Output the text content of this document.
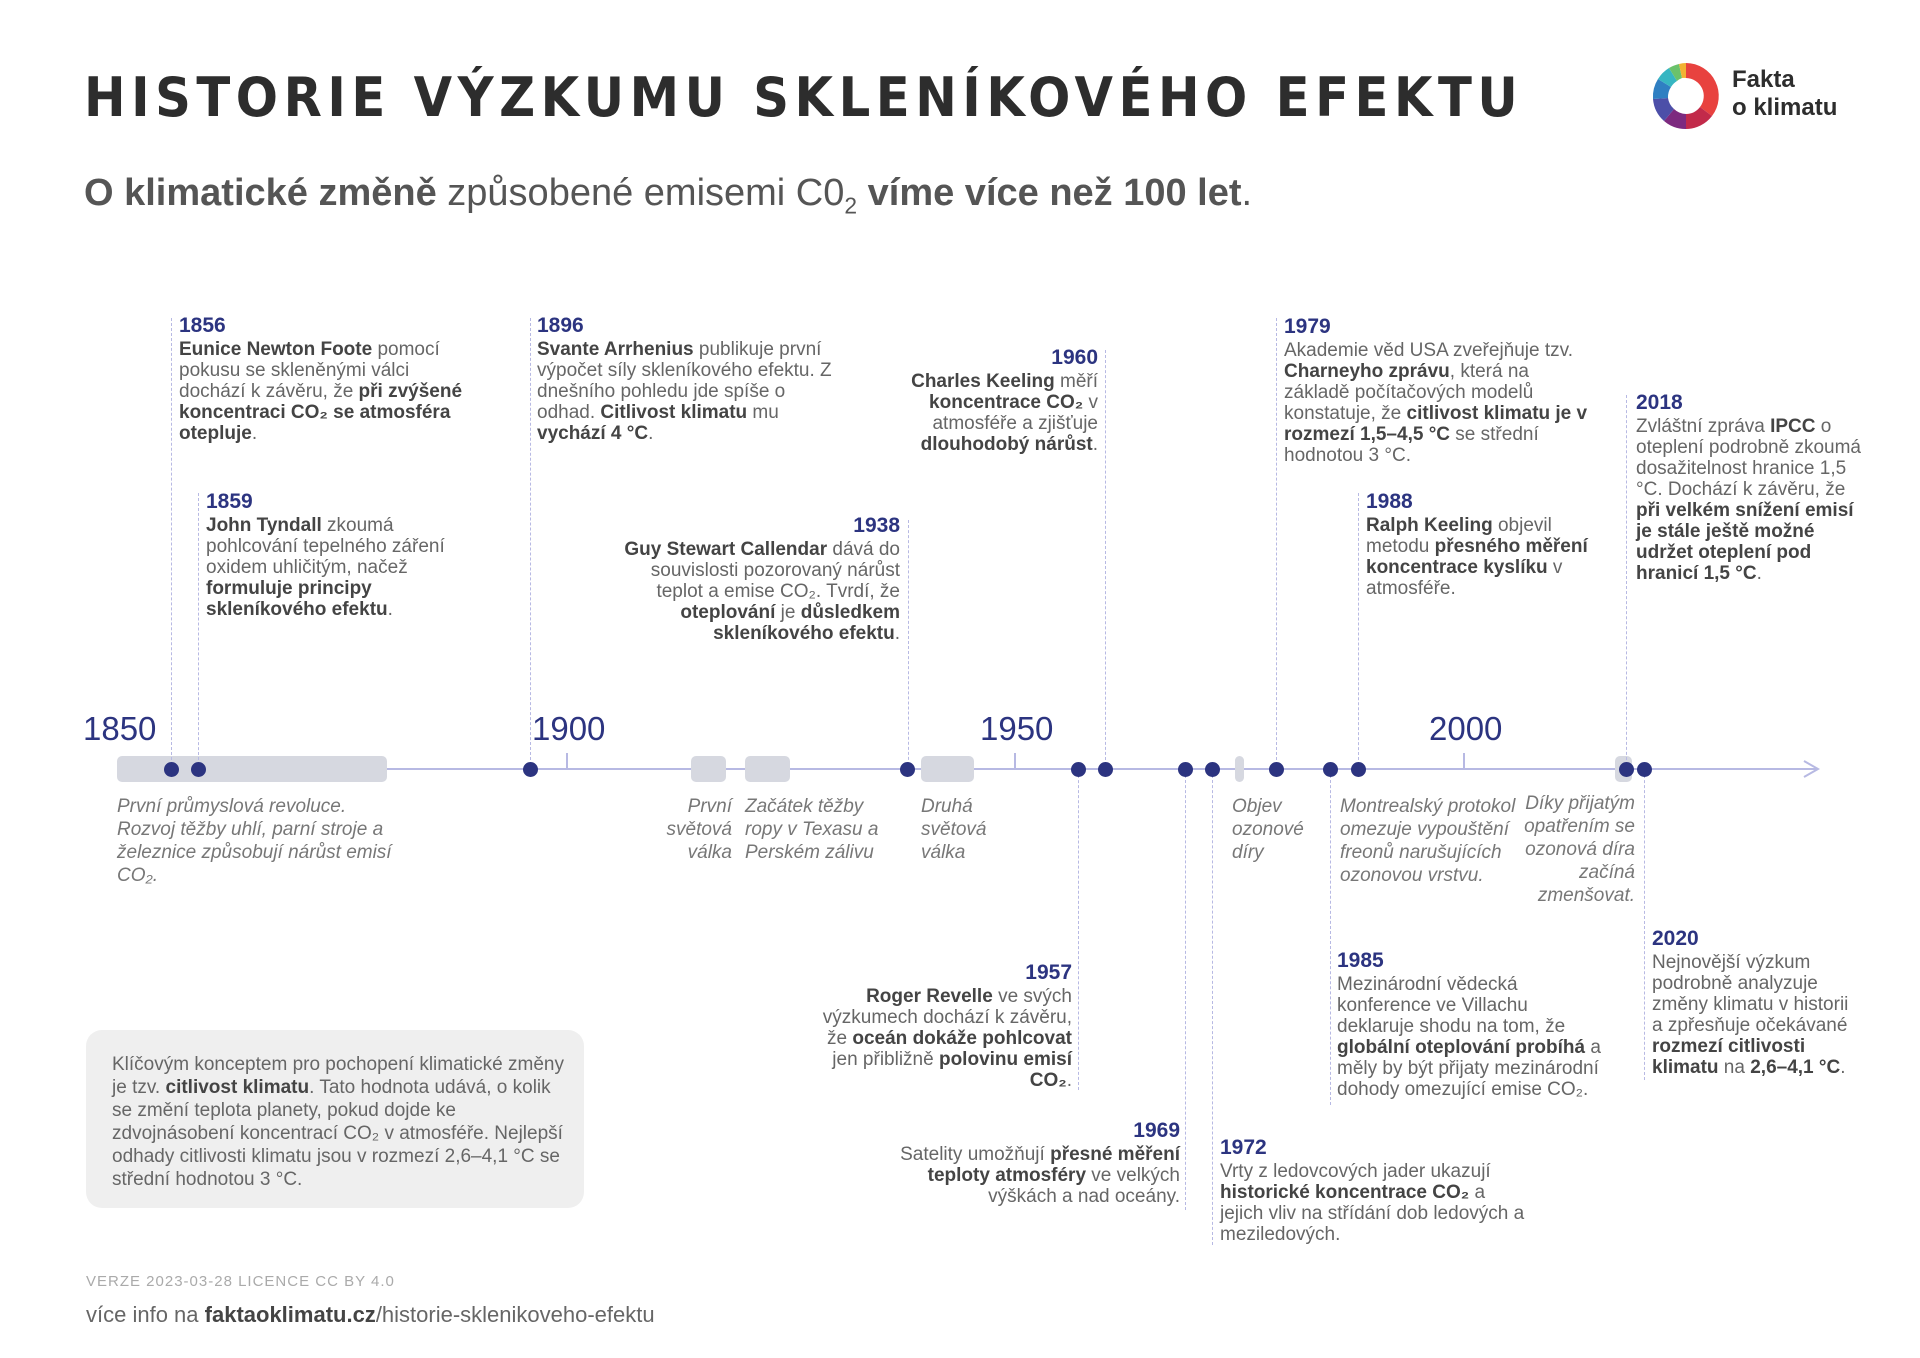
HISTORIE VÝZKUMU SKLENÍKOVÉHO EFEKTU
O klimatické změně způsobené emisemi $C0_2$ víme více než 100 let.
Fakta
o klimatu
1850	1900	1950	2000
1856
Eunice Newton Foote pomocí pokusu se skleněnými válci dochází k závěru, že při zvýšené koncentraci CO₂ se atmosféra otepluje.
1859
John Tyndall zkoumá pohlcování tepelného záření oxidem uhličitým, načež formuluje principy skleníkového efektu.
1896
Svante Arrhenius publikuje první výpočet síly skleníkového efektu. Z dnešního pohledu jde spíše o odhad. Citlivost klimatu mu vychází 4 °C.
1938
Guy Stewart Callendar dává do souvislosti pozorovaný nárůst teplot a emise CO₂. Tvrdí, že oteplování je důsledkem skleníkového efektu.
1960
Charles Keeling měří koncentrace CO₂ v atmosféře a zjišťuje dlouhodobý nárůst.
1979
Akademie věd USA zveřejňuje tzv. Charneyho zprávu, která na základě počítačových modelů konstatuje, že citlivost klimatu je v rozmezí 1,5–4,5 °C se střední hodnotou 3 °C.
1988
Ralph Keeling objevil metodu přesného měření koncentrace kyslíku v atmosféře.
2018
Zvláštní zpráva IPCC o oteplení podrobně zkoumá dosažitelnost hranice 1,5 °C. Dochází k závěru, že při velkém snížení emisí je stále ještě možné udržet oteplení pod hranicí 1,5 °C.
1957
Roger Revelle ve svých výzkumech dochází k závěru, že oceán dokáže pohlcovat jen přibližně polovinu emisí CO₂.
1969
Satelity umožňují přesné měření teploty atmosféry ve velkých výškách a nad oceány.
1972
Vrty z ledovcových jader ukazují historické koncentrace CO₂ a jejich vliv na střídání dob ledových a meziledových.
1985
Mezinárodní vědecká konference ve Villachu deklaruje shodu na tom, že globální oteplování probíhá a měly by být přijaty mezinárodní dohody omezující emise CO₂.
2020
Nejnovější výzkum podrobně analyzuje změny klimatu v historii a zpřesňuje očekávané rozmezí citlivosti klimatu na 2,6–4,1 °C.
První průmyslová revoluce. Rozvoj těžby uhlí, parní stroje a železnice způsobují nárůst emisí CO₂.
První světová válka
Začátek těžby ropy v Texasu a Perském zálivu
Druhá světová válka
Objev ozonové díry
Montrealský protokol omezuje vypouštění freonů narušujících ozonovou vrstvu.
Díky přijatým opatřením se ozonová díra začíná zmenšovat.
Klíčovým konceptem pro pochopení klimatické změny je tzv. citlivost klimatu. Tato hodnota udává, o kolik se změní teplota planety, pokud dojde ke zdvojnásobení koncentrací CO₂ v atmosféře. Nejlepší odhady citlivosti klimatu jsou v rozmezí 2,6–4,1 °C se střední hodnotou 3 °C.
VERZE 2023-03-28 LICENCE CC BY 4.0
více info na faktaoklimatu.cz/historie-sklenikoveho-efektu
